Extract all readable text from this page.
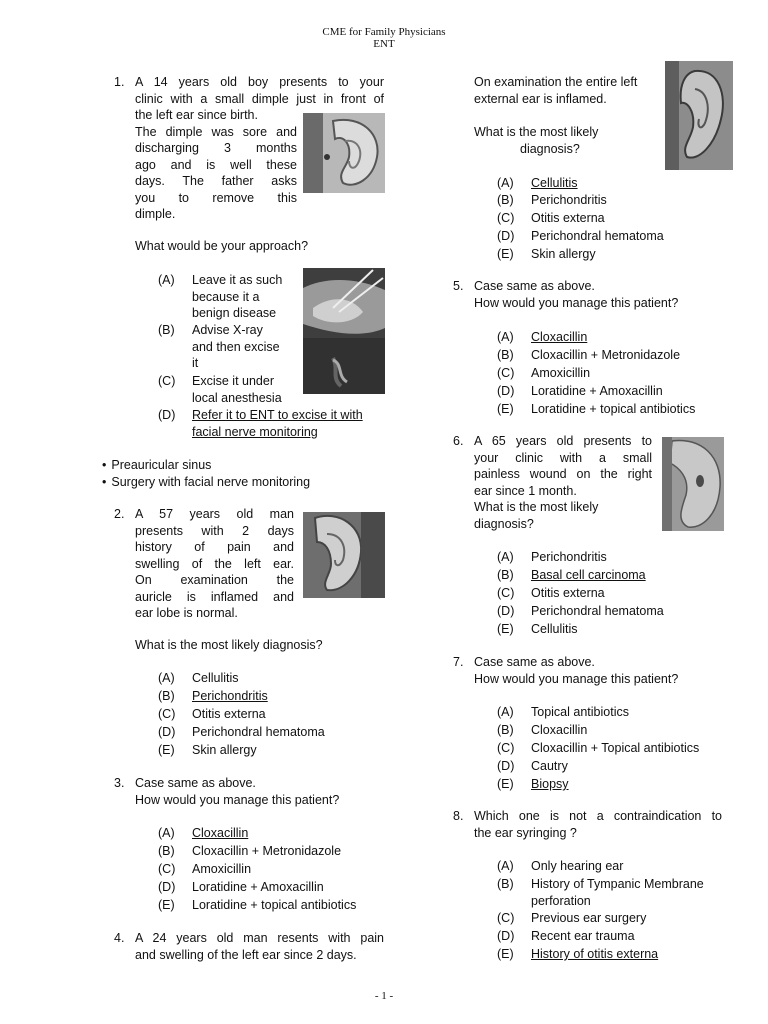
CME for Family Physicians
ENT
1. A 14 years old boy presents to your
clinic with a small dimple just in front of
the left ear since birth.
The dimple was sore and
discharging 3 months
ago and is well these
days. The father asks
you to remove this
dimple.
What would be your approach?
(A) Leave it as such
because it a
benign disease
(B) Advise X-ray
and then excise
it
(C) Excise it under
local anesthesia
(D) Refer it to ENT to excise it with
facial nerve monitoring
• Preauricular sinus
• Surgery with facial nerve monitoring
2. A 57 years old man
presents with 2 days
history of pain and
swelling of the left ear.
On examination the
auricle is inflamed and
ear lobe is normal.
What is the most likely diagnosis?
(A) Cellulitis
(B) Perichondritis
(C) Otitis externa
(D) Perichondral hematoma
(E) Skin allergy
3. Case same as above.
How would you manage this patient?
(A) Cloxacillin
(B) Cloxacillin + Metronidazole
(C) Amoxicillin
(D) Loratidine + Amoxacillin
(E) Loratidine + topical antibiotics
4. A 24 years old man resents with pain
and swelling of the left ear since 2 days.
On examination the entire left
external ear is inflamed.
What is the most likely
diagnosis?
(A) Cellulitis
(B) Perichondritis
(C) Otitis externa
(D) Perichondral hematoma
(E) Skin allergy
5. Case same as above.
How would you manage this patient?
(A) Cloxacillin
(B) Cloxacillin + Metronidazole
(C) Amoxicillin
(D) Loratidine + Amoxacillin
(E) Loratidine + topical antibiotics
6. A 65 years old presents to
your clinic with a small
painless wound on the right
ear since 1 month.
What is the most likely
diagnosis?
(A) Perichondritis
(B) Basal cell carcinoma
(C) Otitis externa
(D) Perichondral hematoma
(E) Cellulitis
7. Case same as above.
How would you manage this patient?
(A) Topical antibiotics
(B) Cloxacillin
(C) Cloxacillin + Topical antibiotics
(D) Cautry
(E) Biopsy
8. Which one is not a contraindication to
the ear syringing ?
(A) Only hearing ear
(B) History of Tympanic Membrane
perforation
(C) Previous ear surgery
(D) Recent ear trauma
(E) History of otitis externa
- 1 -
